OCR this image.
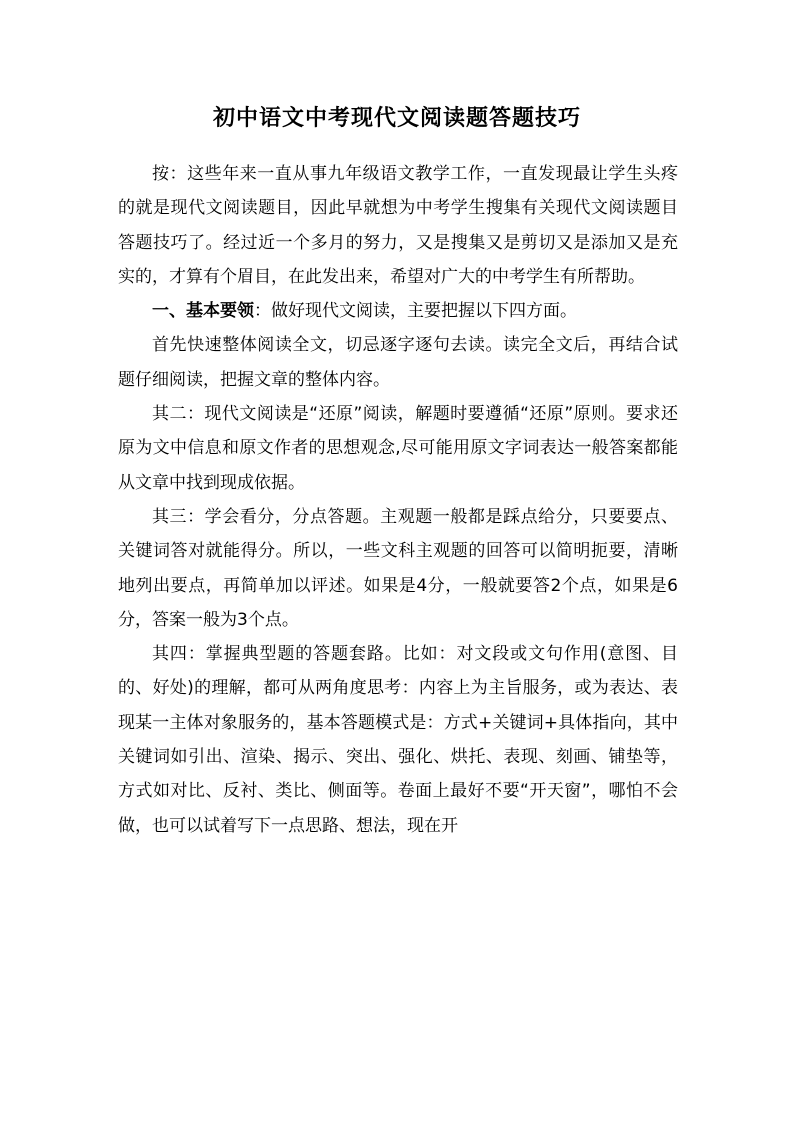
初中语文中考现代文阅读题答题技巧

按：这些年来一直从事九年级语文教学工作，一直发现最让学生头疼的就是现代文阅读题目，因此早就想为中考学生搜集有关现代文阅读题目答题技巧了。经过近一个多月的努力，又是搜集又是剪切又是添加又是充实的，才算有个眉目，在此发出来，希望对广大的中考学生有所帮助。

一、基本要领：做好现代文阅读，主要把握以下四方面。

首先快速整体阅读全文，切忌逐字逐句去读。读完全文后，再结合试题仔细阅读，把握文章的整体内容。

其二：现代文阅读是“还原”阅读，解题时要遵循“还原”原则。要求还原为文中信息和原文作者的思想观念,尽可能用原文字词表达一般答案都能从文章中找到现成依据。

其三：学会看分，分点答题。主观题一般都是踩点给分，只要要点、关键词答对就能得分。所以，一些文科主观题的回答可以简明扼要，清晰地列出要点，再简单加以评述。如果是4分，一般就要答2个点，如果是6分，答案一般为3个点。

其四：掌握典型题的答题套路。比如：对文段或文句作用(意图、目的、好处)的理解，都可从两角度思考：内容上为主旨服务，或为表达、表现某一主体对象服务的，基本答题模式是：方式+关键词+具体指向，其中关键词如引出、渲染、揭示、突出、强化、烘托、表现、刻画、铺垫等，方式如对比、反衬、类比、侧面等。卷面上最好不要“开天窗”，哪怕不会做，也可以试着写下一点思路、想法，现在开
